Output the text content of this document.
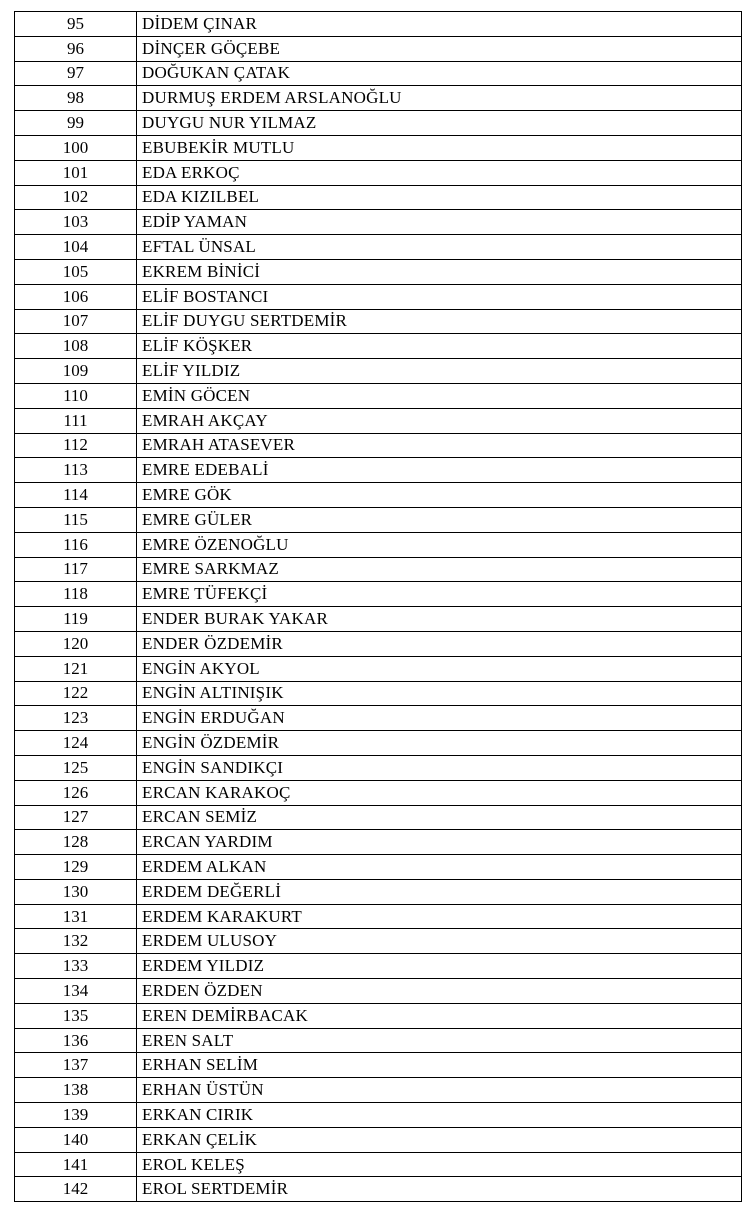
95	DİDEM ÇINAR
96	DİNÇER GÖÇEBE
97	DOĞUKAN ÇATAK
98	DURMUŞ ERDEM ARSLANOĞLU
99	DUYGU NUR YILMAZ
100	EBUBEKİR MUTLU
101	EDA ERKOÇ
102	EDA KIZILBEL
103	EDİP YAMAN
104	EFTAL ÜNSAL
105	EKREM BİNİCİ
106	ELİF BOSTANCI
107	ELİF DUYGU SERTDEMİR
108	ELİF KÖŞKER
109	ELİF YILDIZ
110	EMİN GÖCEN
111	EMRAH AKÇAY
112	EMRAH ATASEVER
113	EMRE EDEBALİ
114	EMRE GÖK
115	EMRE GÜLER
116	EMRE ÖZENOĞLU
117	EMRE SARKMAZ
118	EMRE TÜFEKÇİ
119	ENDER BURAK YAKAR
120	ENDER ÖZDEMİR
121	ENGİN AKYOL
122	ENGİN ALTINIŞIK
123	ENGİN ERDUĞAN
124	ENGİN ÖZDEMİR
125	ENGİN SANDIKÇI
126	ERCAN KARAKOÇ
127	ERCAN SEMİZ
128	ERCAN YARDIM
129	ERDEM ALKAN
130	ERDEM DEĞERLİ
131	ERDEM KARAKURT
132	ERDEM ULUSOY
133	ERDEM YILDIZ
134	ERDEN ÖZDEN
135	EREN DEMİRBACAK
136	EREN SALT
137	ERHAN SELİM
138	ERHAN ÜSTÜN
139	ERKAN CIRIK
140	ERKAN ÇELİK
141	EROL KELEŞ
142	EROL SERTDEMİR
